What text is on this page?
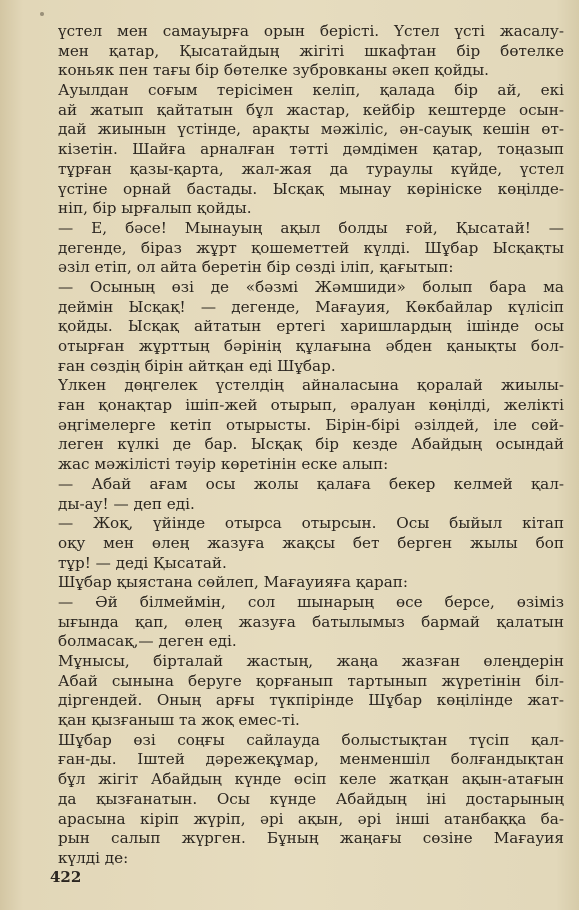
үстел мен самауырға орын берісті. Үстел үсті жасалу-
мен қатар, Қысатайдың жігіті шкафтан бір бөтелке
коньяк пен тағы бір бөтелке зубровканы әкеп қойды.
Ауылдан соғым терісімен келіп, қалада бір ай, екі
ай жатып қайтатын бұл жастар, кейбір кештерде осын-
дай жиынын үстінде, арақты мәжіліс, ән-сауық кешін өт-
кізетін. Шайға арналған тәтті дәмдімен қатар, тоңазып
тұрған қазы-қарта, жал-жая да тураулы күйде, үстел
үстіне орнай бастады. Ысқақ мынау көрініске көңілде-
ніп, бір ырғалып қойды.
— Е, бәсе! Мынауың ақыл болды ғой, Қысатай! —
дегенде, біраз жұрт қошеметтей күлді. Шұбар Ысқақты
әзіл етіп, ол айта беретін бір сөзді іліп, қағытып:
— Осының өзі де «бәзмі Жәмшиди» болып бара ма
деймін Ысқақ! — дегенде, Мағауия, Көкбайлар күлісіп
қойды. Ысқақ айтатын ертегі харишлардың ішінде осы
отырған жұрттың бәрінің құлағына әбден қанықты бол-
ған сөздің бірін айтқан еді Шұбар.
Үлкен дөңгелек үстелдің айналасына қоралай жиылы-
ған қонақтар ішіп-жей отырып, әралуан көңілді, желікті
әңгімелерге кетіп отырысты. Бірін-бірі әзілдей, іле сөй-
леген күлкі де бар. Ысқақ бір кезде Абайдың осындай
жас мәжілісті тәуір көретінін еске алып:
— Абай ағам осы жолы қалаға бекер келмей қал-
ды-ау! — деп еді.
— Жоқ, үйінде отырса отырсын. Осы быйыл кітап
оқу мен өлең жазуға жақсы бет берген жылы боп
тұр! — деді Қысатай.
Шұбар қыястана сөйлеп, Мағауияға қарап:
— Әй білмеймін, сол шынарың өсе берсе, өзіміз
ығында қап, өлең жазуға батылымыз бармай қалатын
болмасақ,— деген еді.
Мұнысы, бірталай жастың, жаңа жазған өлеңдерін
Абай сынына беруге қорғанып тартынып жүретінін біл-
діргендей. Оның арғы түкпірінде Шұбар көңілінде жат-
қан қызғаныш та жоқ емес-ті.
Шұбар өзі соңғы сайлауда болыстықтан түсіп қал-
ған-ды. Іштей дәрежеқұмар, менменшіл болғандықтан
бұл жігіт Абайдың күнде өсіп келе жатқан ақын-атағын
да қызғанатын. Осы күнде Абайдың іні достарының
арасына кіріп жүріп, әрі ақын, әрі інші атанбаққа ба-
рын салып жүрген. Бұның жаңағы сөзіне Мағауия
күлді де:
422
